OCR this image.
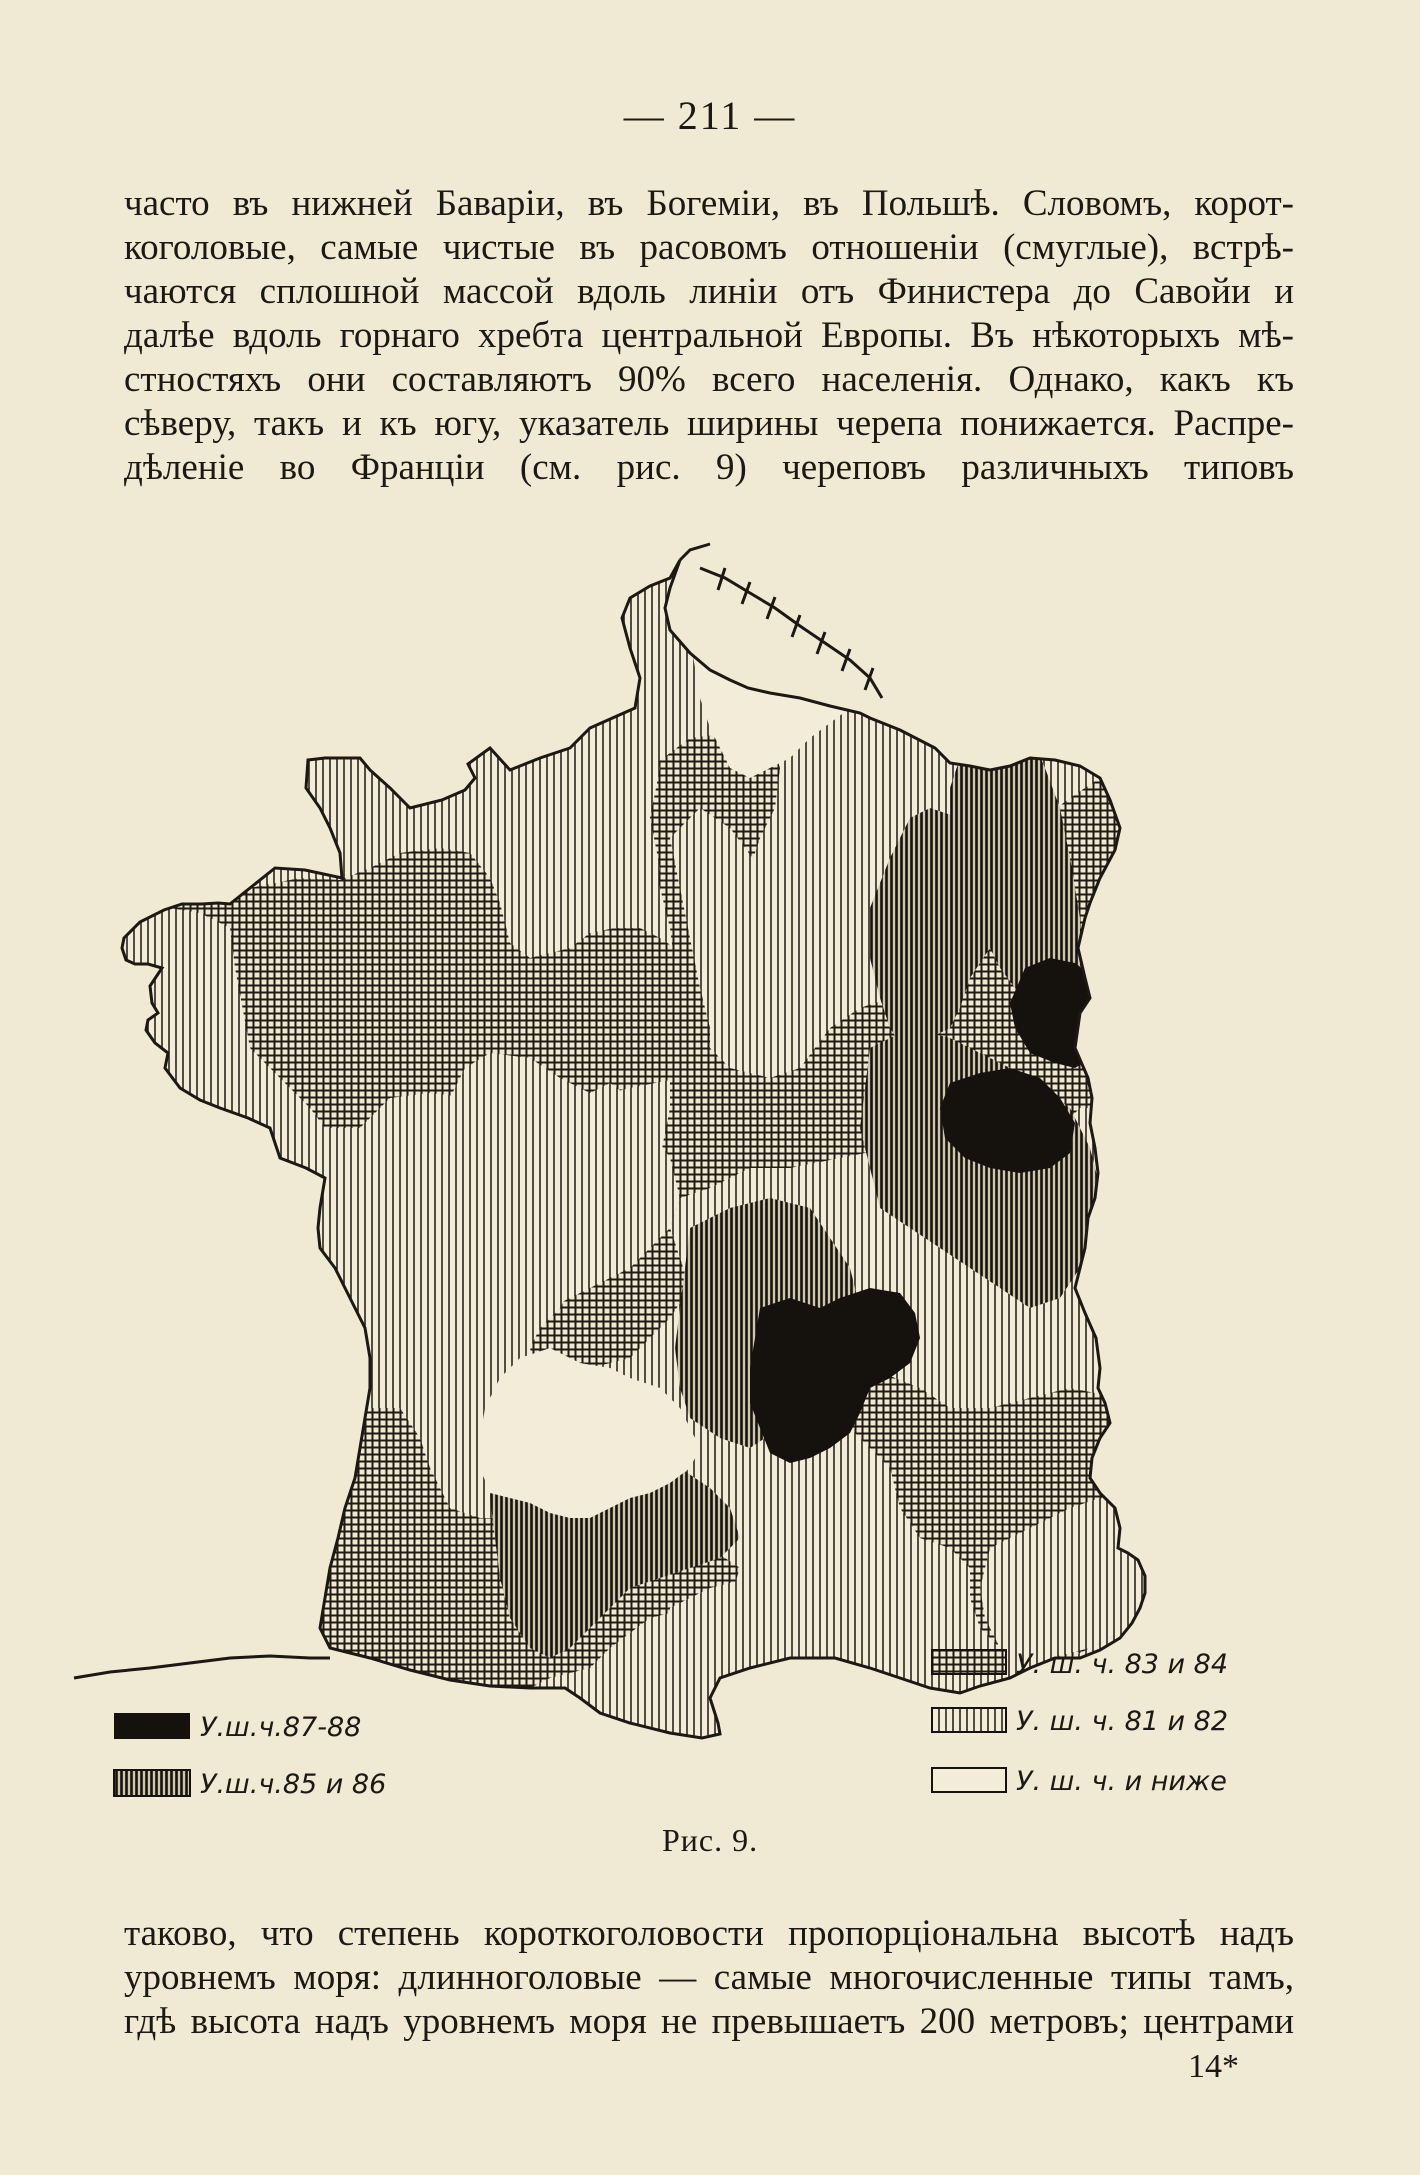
— 211 —
часто въ нижней Баваріи, въ Богеміи, въ Польшѣ. Словомъ, корот-
коголовые, самые чистые въ расовомъ отношеніи (смуглые), встрѣ-
чаются сплошной массой вдоль линіи отъ Финистера до Савойи и
далѣе вдоль горнаго хребта центральной Европы. Въ нѣкоторыхъ мѣ-
стностяхъ они составляютъ 90% всего населенія. Однако, какъ къ
сѣверу, такъ и къ югу, указатель ширины черепа понижается. Распре-
дѣленіе во Франціи (см. рис. 9) череповъ различныхъ типовъ
У.ш.ч.87-88
У.ш.ч.85 и 86
У. ш. ч. 83 и 84
У. ш. ч. 81 и 82
У. ш. ч. и ниже
Рис. 9.
таково, что степень короткоголовости пропорціональна высотѣ надъ
уровнемъ моря: длинноголовые — самые многочисленные типы тамъ,
гдѣ высота надъ уровнемъ моря не превышаетъ 200 метровъ; центрами
14*
